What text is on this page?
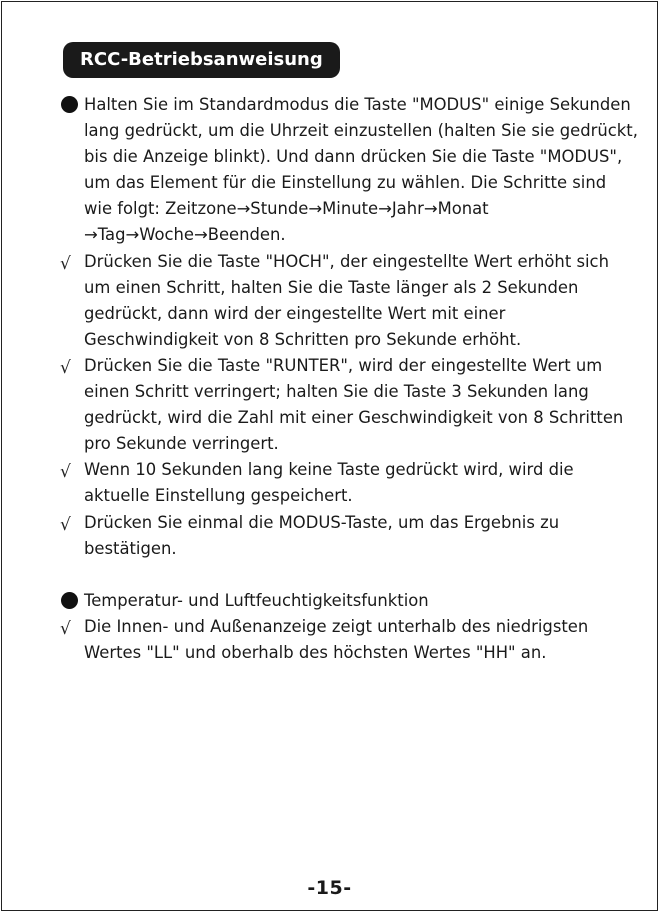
RCC-Betriebsanweisung

Halten Sie im Standardmodus die Taste "MODUS" einige Sekunden lang gedrückt, um die Uhrzeit einzustellen (halten Sie sie gedrückt, bis die Anzeige blinkt). Und dann drücken Sie die Taste "MODUS", um das Element für die Einstellung zu wählen. Die Schritte sind wie folgt: Zeitzone→Stunde→Minute→Jahr→Monat →Tag→Woche→Beenden.

√ Drücken Sie die Taste "HOCH", der eingestellte Wert erhöht sich um einen Schritt, halten Sie die Taste länger als 2 Sekunden gedrückt, dann wird der eingestellte Wert mit einer Geschwindigkeit von 8 Schritten pro Sekunde erhöht.

√ Drücken Sie die Taste "RUNTER", wird der eingestellte Wert um einen Schritt verringert; halten Sie die Taste 3 Sekunden lang gedrückt, wird die Zahl mit einer Geschwindigkeit von 8 Schritten pro Sekunde verringert.

√ Wenn 10 Sekunden lang keine Taste gedrückt wird, wird die aktuelle Einstellung gespeichert.

√ Drücken Sie einmal die MODUS-Taste, um das Ergebnis zu bestätigen.

Temperatur- und Luftfeuchtigkeitsfunktion

√ Die Innen- und Außenanzeige zeigt unterhalb des niedrigsten Wertes "LL" und oberhalb des höchsten Wertes "HH" an.

-15-
